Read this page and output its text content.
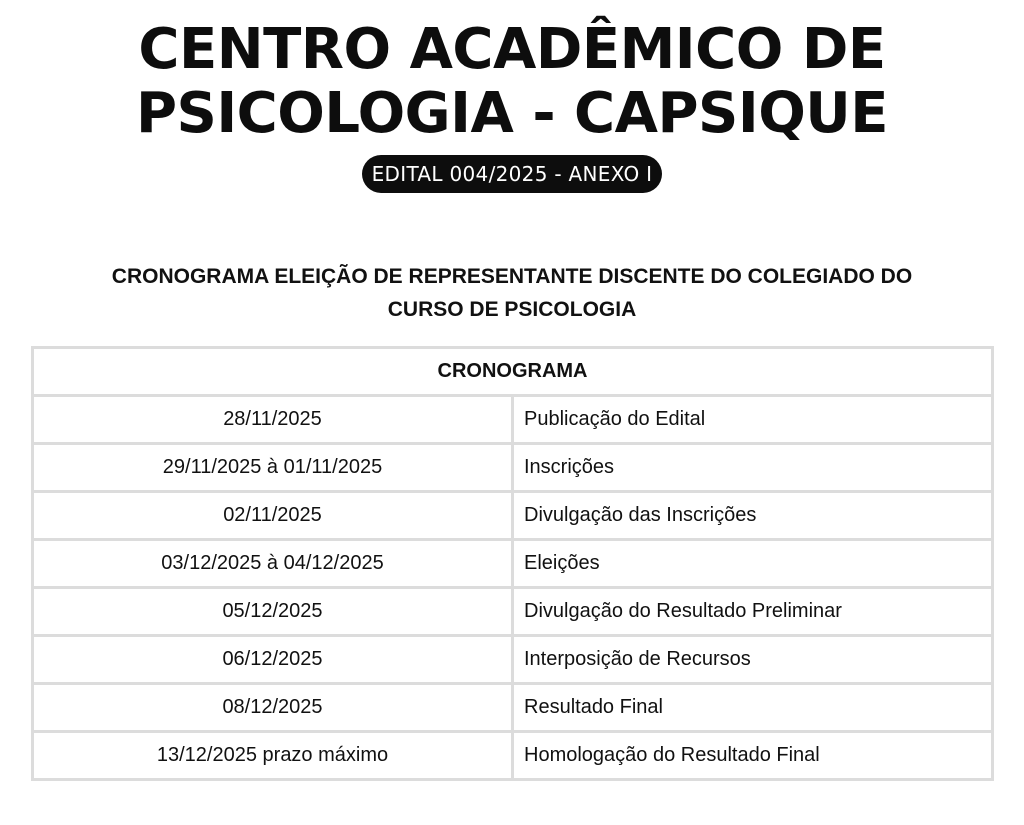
CENTRO ACADÊMICO DE
PSICOLOGIA - CAPSIQUE
EDITAL 004/2025 - ANEXO I
CRONOGRAMA ELEIÇÃO DE REPRESENTANTE DISCENTE DO COLEGIADO DO
CURSO DE PSICOLOGIA
CRONOGRAMA	
28/11/2025	Publicação do Edital
29/11/2025 à 01/11/2025	Inscrições
02/11/2025	Divulgação das Inscrições
03/12/2025 à 04/12/2025	Eleições
05/12/2025	Divulgação do Resultado Preliminar
06/12/2025	Interposição de Recursos
08/12/2025	Resultado Final
13/12/2025 prazo máximo	Homologação do Resultado Final
